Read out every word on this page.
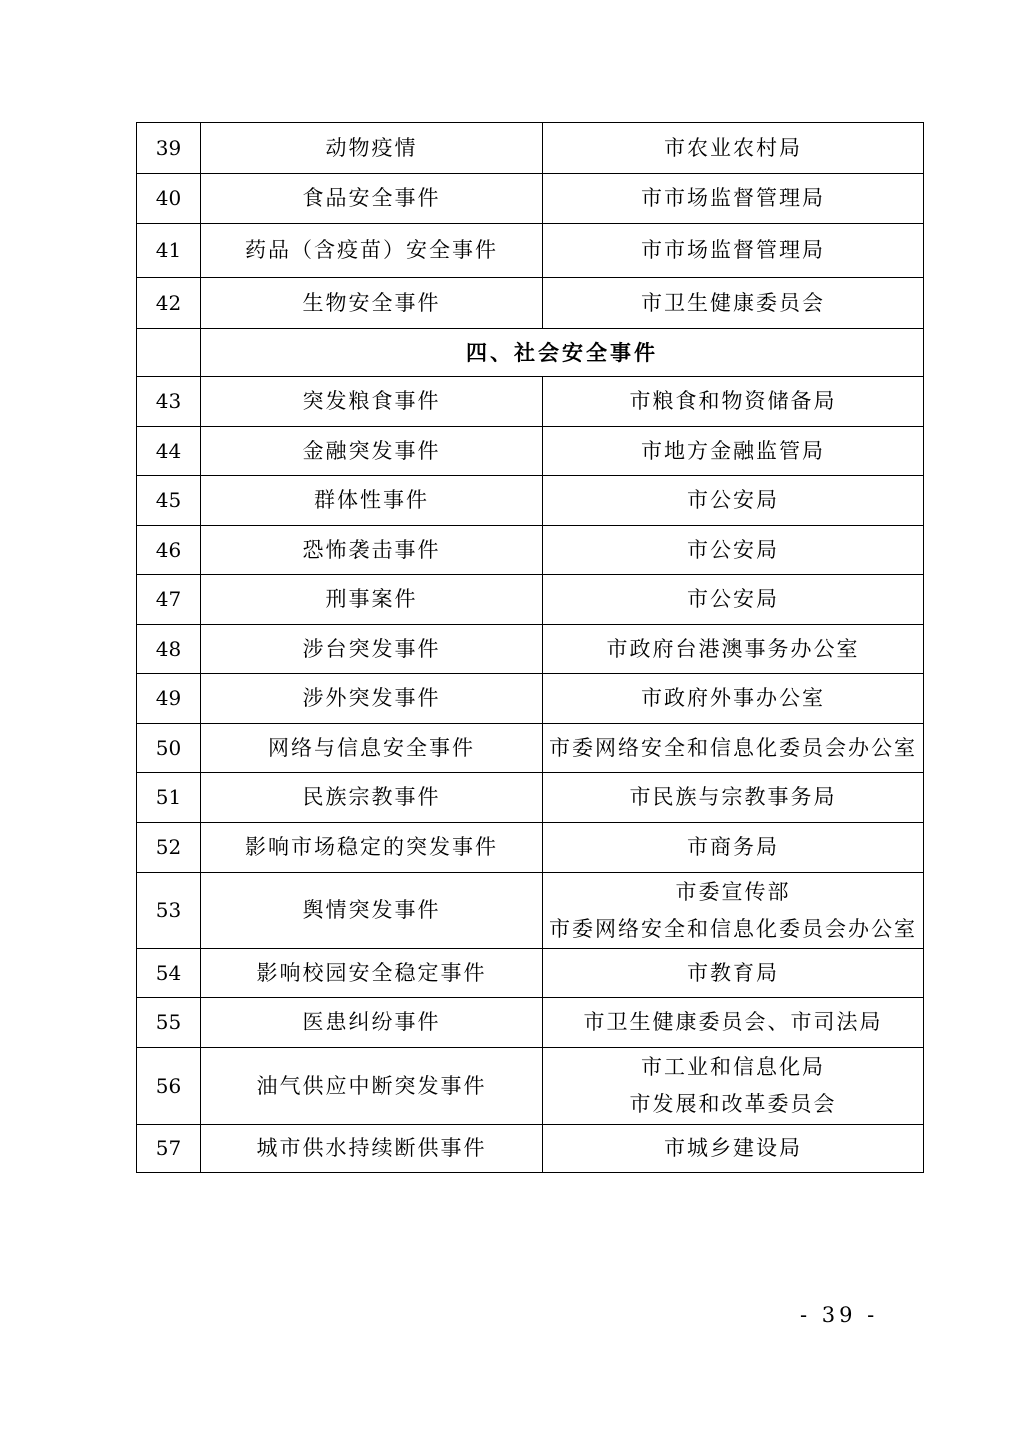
39	动物疫情	市农业农村局

40	食品安全事件	市市场监督管理局

41	药品（含疫苗）安全事件	市市场监督管理局

42	生物安全事件	市卫生健康委员会

	四、社会安全事件	
43	突发粮食事件	市粮食和物资储备局

44	金融突发事件	市地方金融监管局

45	群体性事件	市公安局

46	恐怖袭击事件	市公安局

47	刑事案件	市公安局

48	涉台突发事件	市政府台港澳事务办公室

49	涉外突发事件	市政府外事办公室

50	网络与信息安全事件	市委网络安全和信息化委员会办公室

51	民族宗教事件	市民族与宗教事务局

52	影响市场稳定的突发事件	市商务局

53	舆情突发事件	市委宣传部
市委网络安全和信息化委员会办公室

54	影响校园安全稳定事件	市教育局

55	医患纠纷事件	市卫生健康委员会、市司法局

56	油气供应中断突发事件	市工业和信息化局
市发展和改革委员会

57	城市供水持续断供事件	市城乡建设局
- 39 -
